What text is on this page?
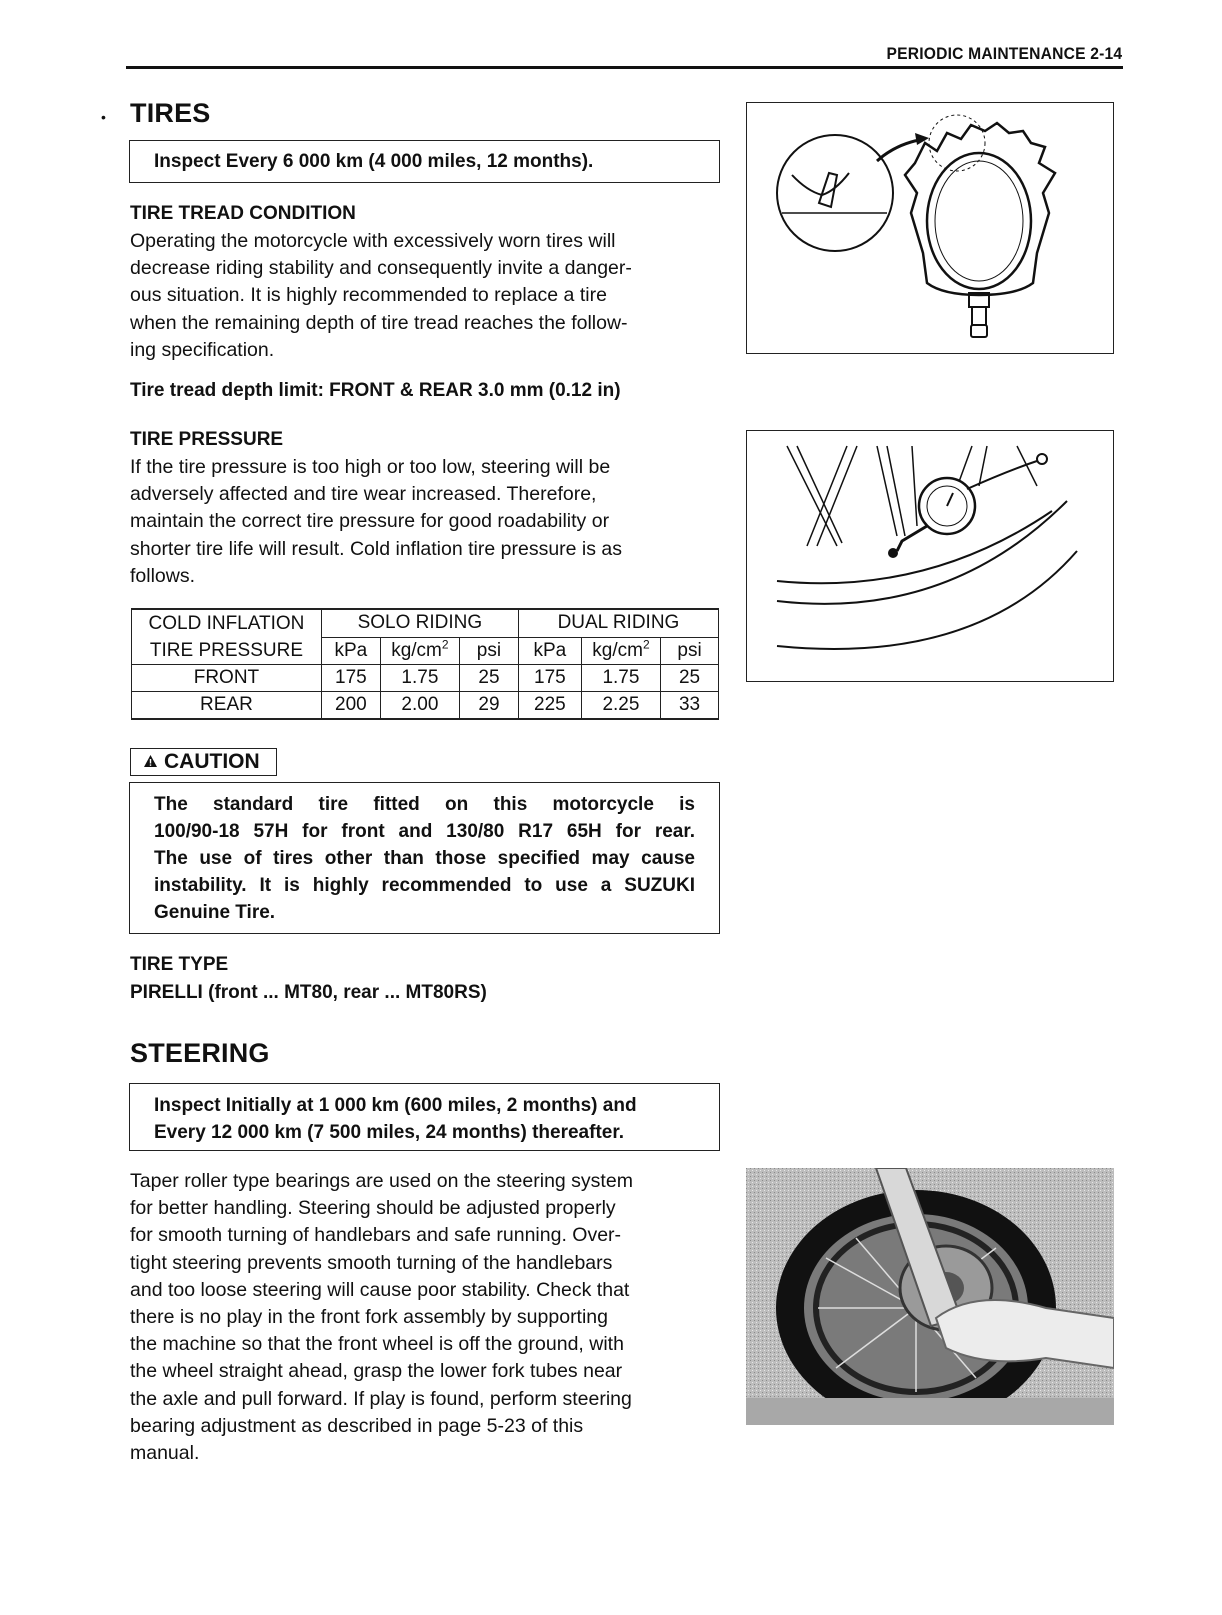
PERIODIC MAINTENANCE 2-14
• TIRES
Inspect Every 6 000 km (4 000 miles, 12 months).
TIRE TREAD CONDITION
Operating the motorcycle with excessively worn tires will
decrease riding stability and consequently invite a danger-
ous situation. It is highly recommended to replace a tire
when the remaining depth of tire tread reaches the follow-
ing specification.
Tire tread depth limit: FRONT & REAR 3.0 mm (0.12 in)
TIRE PRESSURE
If the tire pressure is too high or too low, steering will be
adversely affected and tire wear increased. Therefore,
maintain the correct tire pressure for good roadability or
shorter tire life will result. Cold inflation tire pressure is as
follows.
COLD INFLATION
TIRE PRESSURE	SOLO RIDING			DUAL RIDING		
	kPa	$kg/cm^2$	psi	kPa	$kg/cm^2$	psi
FRONT	175	1.75	25	175	1.75	25
REAR	200	2.00	29	225	2.25	33
CAUTION
The standard tire fitted on this motorcycle is
100/90-18 57H for front and 130/80 R17 65H for rear.
The use of tires other than those specified may cause
instability. It is highly recommended to use a SUZUKI
Genuine Tire.
TIRE TYPE
PIRELLI (front ... MT80, rear ... MT80RS)
STEERING
Inspect Initially at 1 000 km (600 miles, 2 months) and
Every 12 000 km (7 500 miles, 24 months) thereafter.
Taper roller type bearings are used on the steering system
for better handling. Steering should be adjusted properly
for smooth turning of handlebars and safe running. Over-
tight steering prevents smooth turning of the handlebars
and too loose steering will cause poor stability. Check that
there is no play in the front fork assembly by supporting
the machine so that the front wheel is off the ground, with
the wheel straight ahead, grasp the lower fork tubes near
the axle and pull forward. If play is found, perform steering
bearing adjustment as described in page 5-23 of this
manual.
